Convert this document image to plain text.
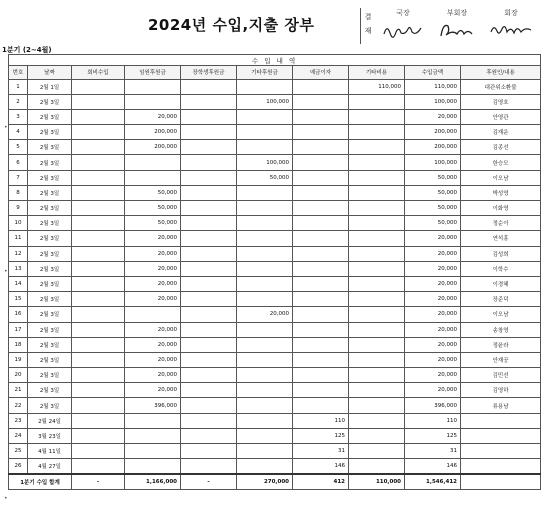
2024년 수입,지출 장부	결재
국장	부회장	회장
1분기 (2~4월)
•
•
•
수 입 내 역									
번호	날짜	회비수입	임원후원금	장학생후원금	기타후원금	예금이자	기타비용	수입금액	후원인/내용
1	2월 1일						110,000	110,000	대관위소환불
2	2월 3일				100,000			100,000	김영호
3	2월 3일		20,000					20,000	안영관
4	2월 3일		200,000					200,000	김재운
5	2월 3일		200,000					200,000	김종선
6	2월 3일				100,000			100,000	한승모
7	2월 3일				50,000			50,000	이오남
8	2월 3일		50,000					50,000	박성영
9	2월 3일		50,000					50,000	이화영
10	2월 3일		50,000					50,000	정순이
11	2월 3일		20,000					20,000	연석흥
12	2월 3일		20,000					20,000	김성희
13	2월 3일		20,000					20,000	이학수
14	2월 3일		20,000					20,000	이경혜
15	2월 3일		20,000					20,000	장준덕
16	2월 3일				20,000			20,000	이오남
17	2월 3일		20,000					20,000	송창영
18	2월 3일		20,000					20,000	정윤라
19	2월 3일		20,000					20,000	안재공
20	2월 3일		20,000					20,000	김민선
21	2월 3일		20,000					20,000	김영하
22	2월 3일		396,000					396,000	류용남
23	2월 24일					110		110	
24	3월 23일					125		125	
25	4월 11일					31		31	
26	4월 27일					146		146	
1분기 수입 합계		-	1,166,000	-	270,000	412	110,000	1,546,412	
